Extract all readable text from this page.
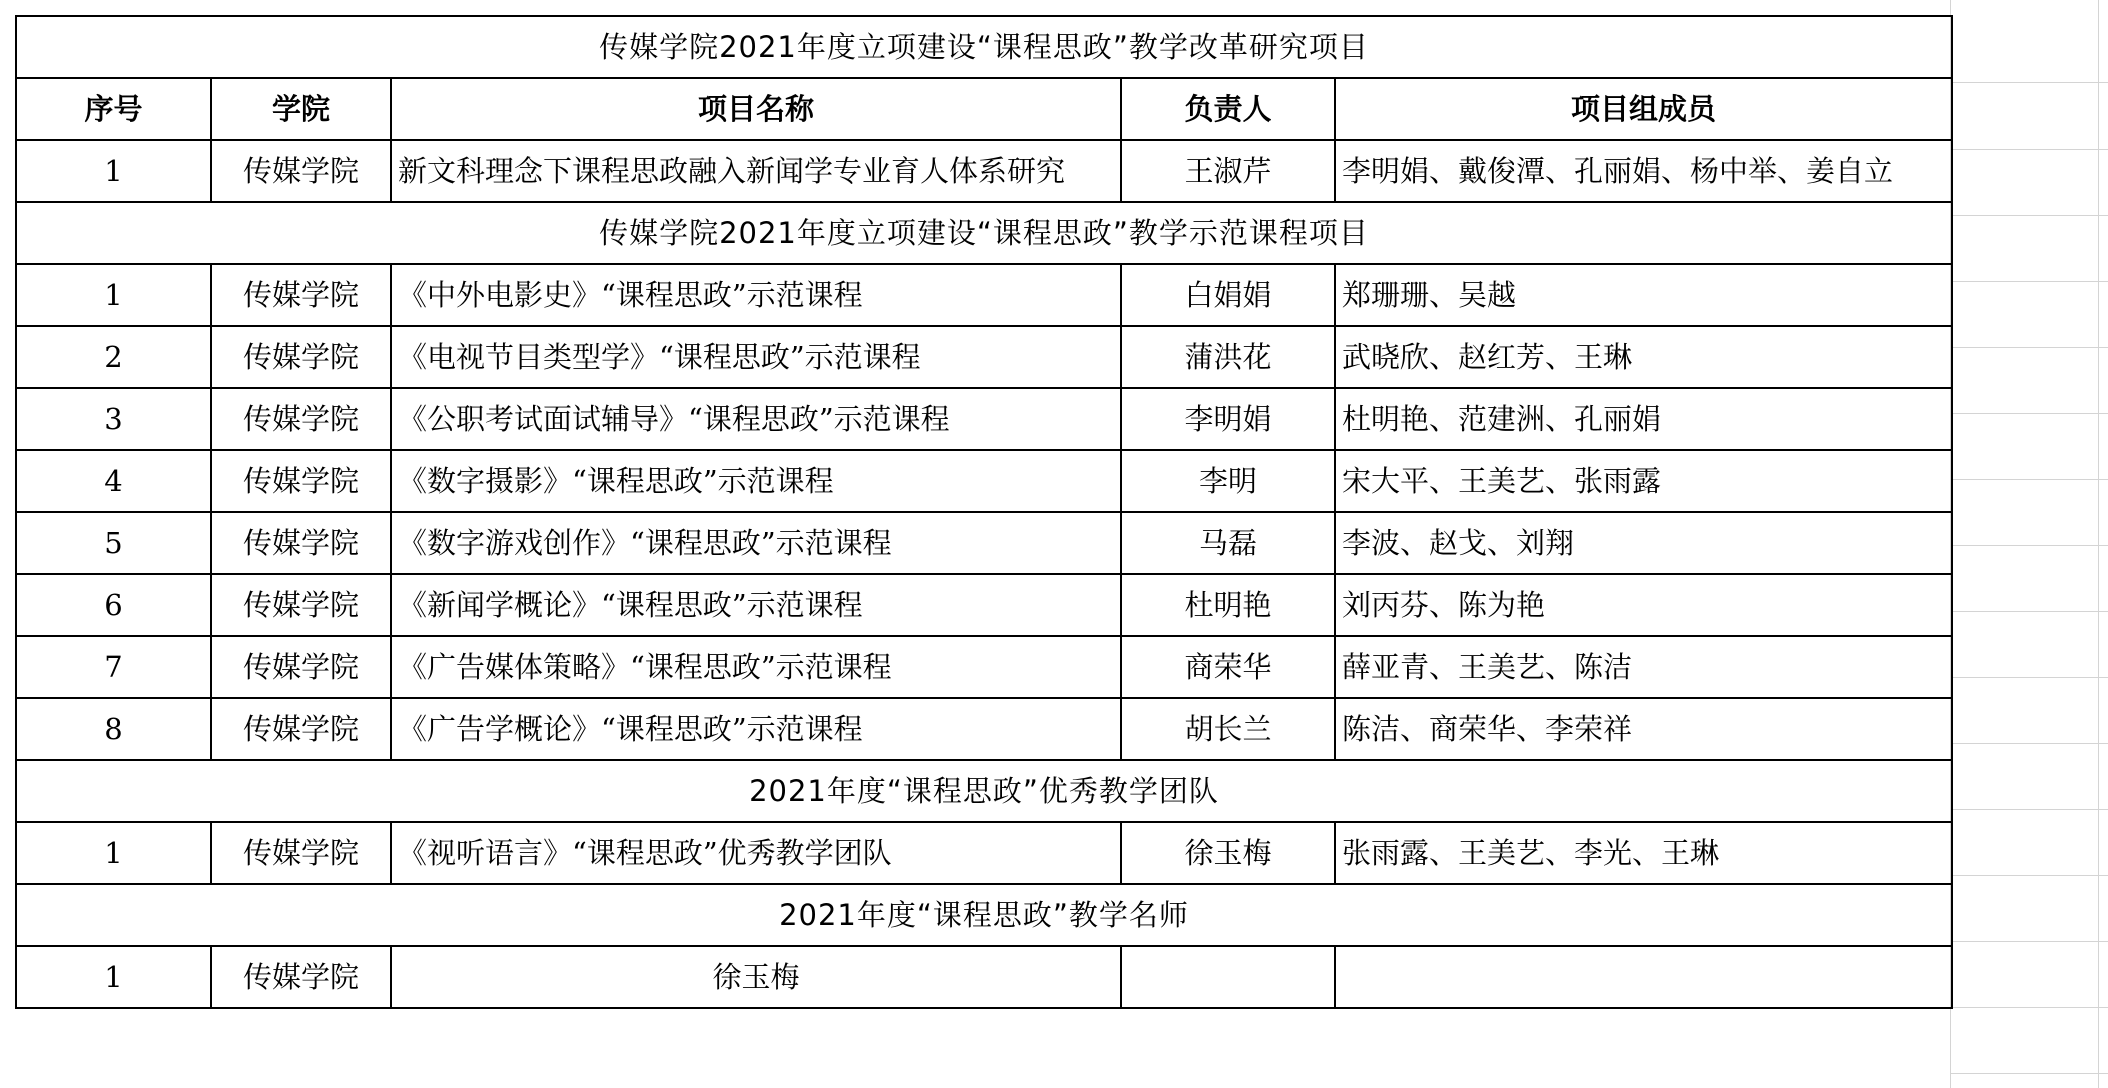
传媒学院2021年度立项建设“课程思政”教学改革研究项目				
序号	学院	项目名称	负责人	项目组成员
1	传媒学院	新文科理念下课程思政融入新闻学专业育人体系研究	王淑芹	李明娟、戴俊潭、孔丽娟、杨中举、姜自立
传媒学院2021年度立项建设“课程思政”教学示范课程项目				
1	传媒学院	《中外电影史》“课程思政”示范课程	白娟娟	郑珊珊、吴越
2	传媒学院	《电视节目类型学》“课程思政”示范课程	蒲洪花	武晓欣、赵红芳、王琳
3	传媒学院	《公职考试面试辅导》“课程思政”示范课程	李明娟	杜明艳、范建洲、孔丽娟
4	传媒学院	《数字摄影》“课程思政”示范课程	李明	宋大平、王美艺、张雨露
5	传媒学院	《数字游戏创作》“课程思政”示范课程	马磊	李波、赵戈、刘翔
6	传媒学院	《新闻学概论》“课程思政”示范课程	杜明艳	刘丙芬、陈为艳
7	传媒学院	《广告媒体策略》“课程思政”示范课程	商荣华	薛亚青、王美艺、陈洁
8	传媒学院	《广告学概论》“课程思政”示范课程	胡长兰	陈洁、商荣华、李荣祥
2021年度“课程思政”优秀教学团队				
1	传媒学院	《视听语言》“课程思政”优秀教学团队	徐玉梅	张雨露、王美艺、李光、王琳
2021年度“课程思政”教学名师				
1	传媒学院	徐玉梅		
